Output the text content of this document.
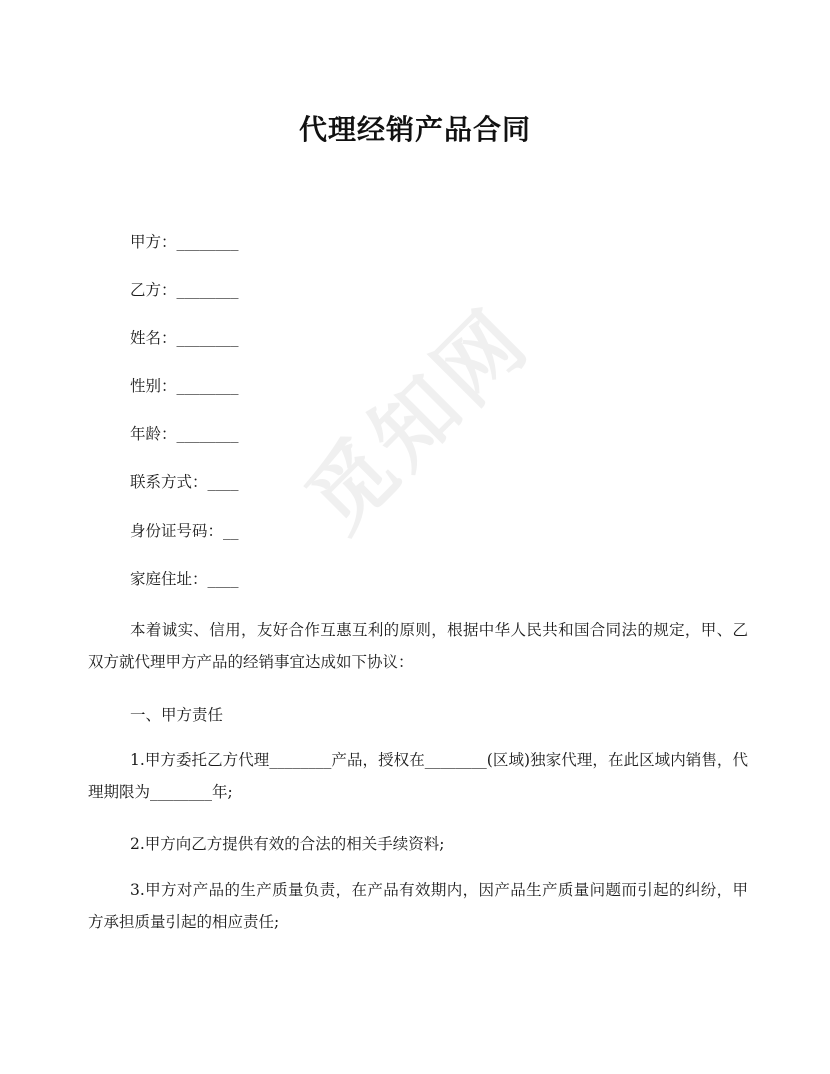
觅知网
代理经销产品合同
甲方：________
乙方：________
姓名：________
性别：________
年龄：________
联系方式：____
身份证号码：__
家庭住址：____
本着诚实、信用，友好合作互惠互利的原则，根据中华人民共和国合同法的规定，甲、乙双方就代理甲方产品的经销事宜达成如下协议：
一、甲方责任
1.甲方委托乙方代理________产品，授权在________(区域)独家代理，在此区域内销售，代理期限为________年;
2.甲方向乙方提供有效的合法的相关手续资料;
3.甲方对产品的生产质量负责，在产品有效期内，因产品生产质量问题而引起的纠纷，甲方承担质量引起的相应责任;
